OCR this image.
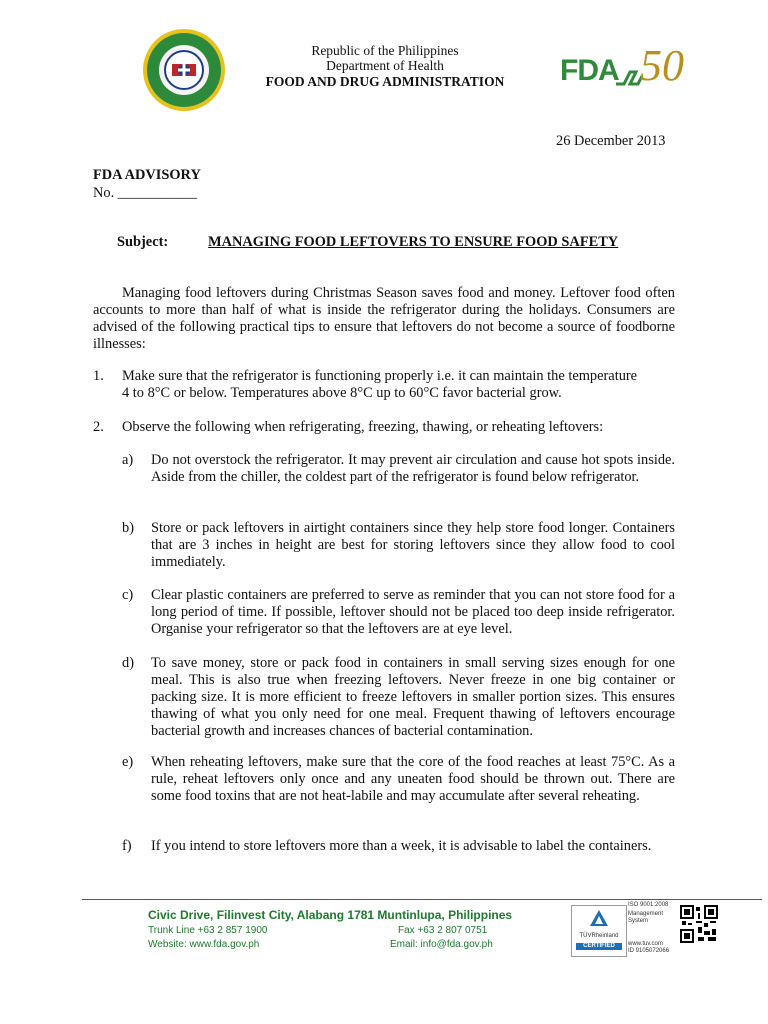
Republic of the Philippines
Department of Health
FOOD AND DRUG ADMINISTRATION	FDA 50
26 December 2013
FDA ADVISORY
No. ___________
Subject:	MANAGING FOOD LEFTOVERS TO ENSURE FOOD SAFETY
Managing food leftovers during Christmas Season saves food and money. Leftover food often accounts to more than half of what is inside the refrigerator during the holidays. Consumers are advised of the following practical tips to ensure that leftovers do not become a source of foodborne illnesses:
1. Make sure that the refrigerator is functioning properly i.e. it can maintain the temperature
4 to 8°C or below. Temperatures above 8°C up to 60°C favor bacterial grow.
2. Observe the following when refrigerating, freezing, thawing, or reheating leftovers:
a) Do not overstock the refrigerator. It may prevent air circulation and cause hot spots inside. Aside from the chiller, the coldest part of the refrigerator is found below refrigerator.
b) Store or pack leftovers in airtight containers since they help store food longer. Containers that are 3 inches in height are best for storing leftovers since they allow food to cool immediately.
c) Clear plastic containers are preferred to serve as reminder that you can not store food for a long period of time. If possible, leftover should not be placed too deep inside refrigerator. Organise your refrigerator so that the leftovers are at eye level.
d) To save money, store or pack food in containers in small serving sizes enough for one meal. This is also true when freezing leftovers. Never freeze in one big container or packing size. It is more efficient to freeze leftovers in smaller portion sizes. This ensures thawing of what you only need for one meal. Frequent thawing of leftovers encourage bacterial growth and increases chances of bacterial contamination.
e) When reheating leftovers, make sure that the core of the food reaches at least 75°C. As a rule, reheat leftovers only once and any uneaten food should be thrown out. There are some food toxins that are not heat-labile and may accumulate after several reheating.
f) If you intend to store leftovers more than a week, it is advisable to label the containers.
Civic Drive, Filinvest City, Alabang 1781 Muntinlupa, Philippines
Trunk Line +63 2 857 1900	Fax +63 2 807 0751
Website: www.fda.gov.ph	Email: info@fda.gov.ph
TÜVRheinland
CERTIFIED
ISO 9001:2008
Management
System
www.tuv.com
ID 9105072066
